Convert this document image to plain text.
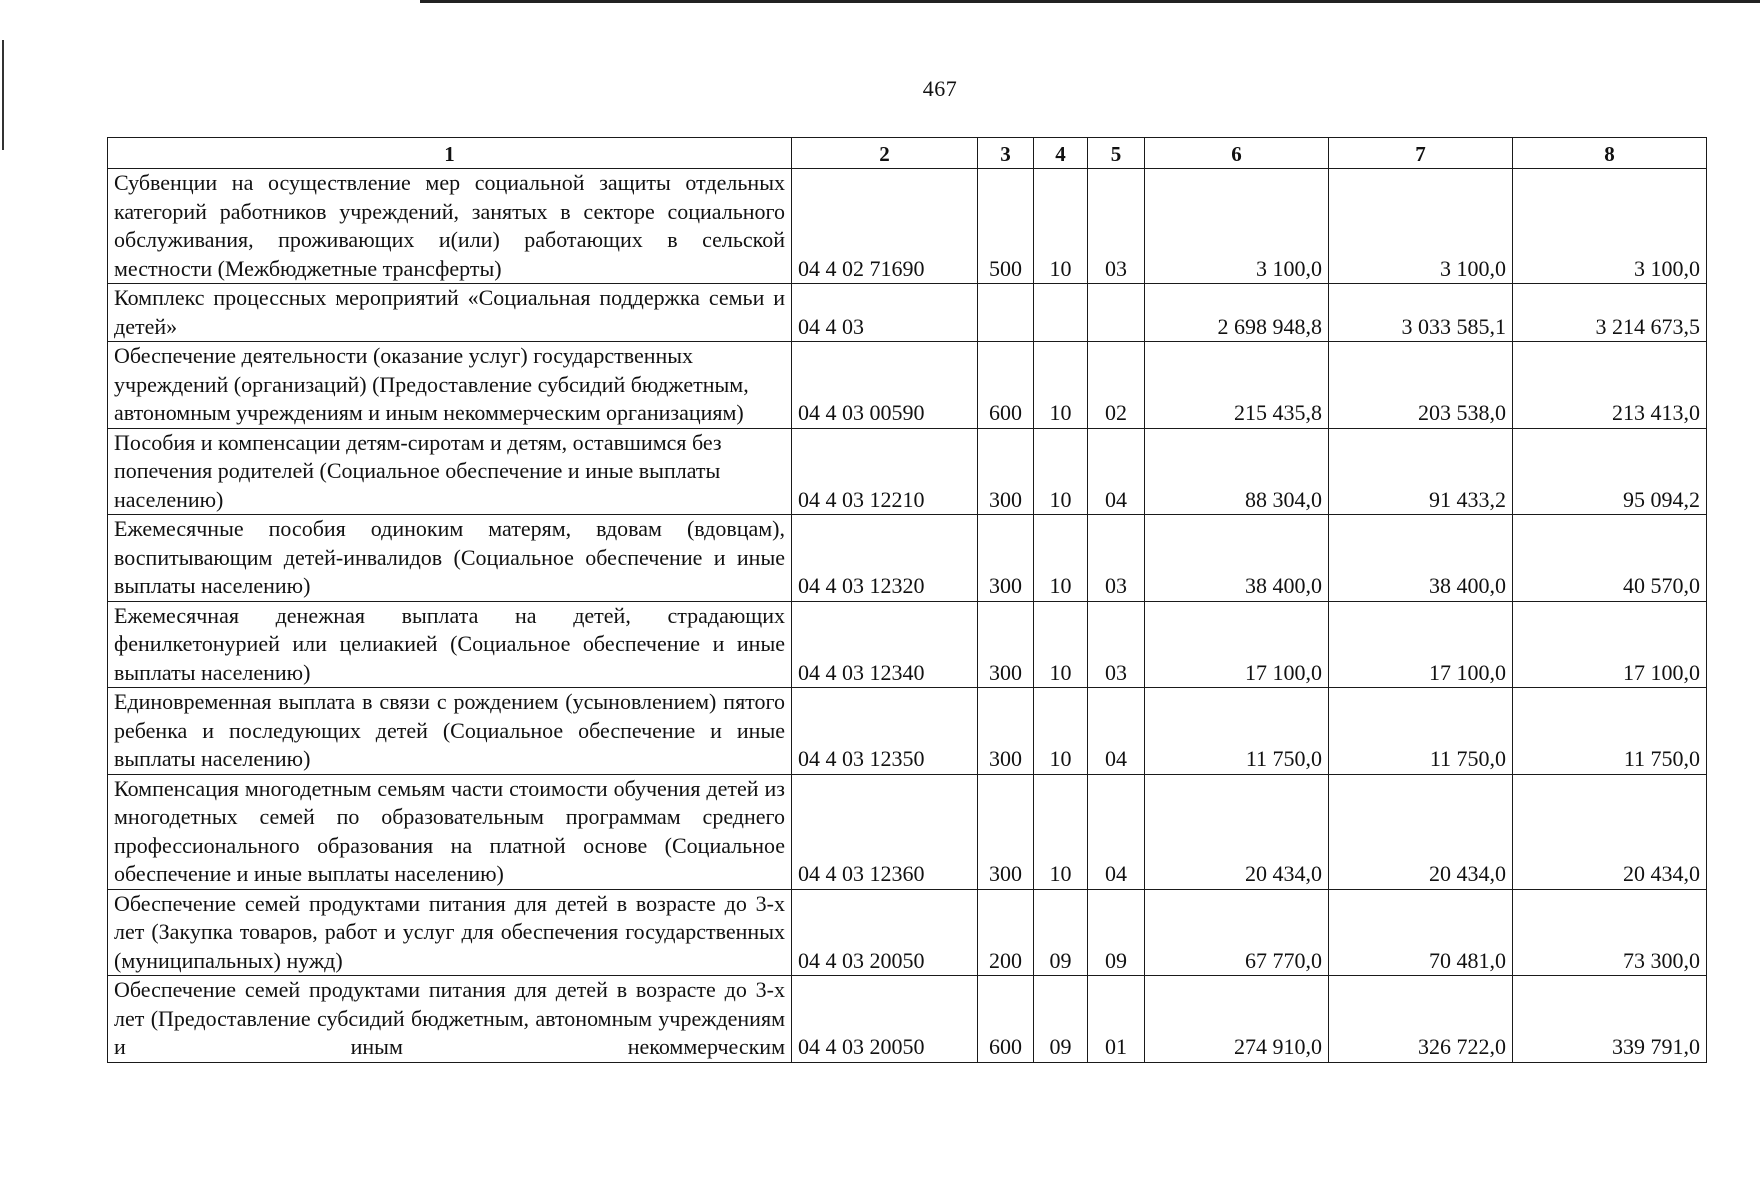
467
1	2	3	4	5	6	7	8
Субвенции на осуществление мер социальной защиты отдельных категорий работников учреждений, занятых в секторе социального обслуживания, проживающих и(или) работающих в сельской местности (Межбюджетные трансферты)	04 4 02 71690	500	10	03	3 100,0	3 100,0	3 100,0
Комплекс процессных мероприятий «Социальная поддержка семьи и детей»	04 4 03				2 698 948,8	3 033 585,1	3 214 673,5
Обеспечение деятельности (оказание услуг) государственных учреждений (организаций) (Предоставление субсидий бюджетным, автономным учреждениям и иным некоммерческим организациям)	04 4 03 00590	600	10	02	215 435,8	203 538,0	213 413,0
Пособия и компенсации детям-сиротам и детям, оставшимся без попечения родителей (Социальное обеспечение и иные выплаты населению)	04 4 03 12210	300	10	04	88 304,0	91 433,2	95 094,2
Ежемесячные пособия одиноким матерям, вдовам (вдовцам), воспитывающим детей-инвалидов (Социальное обеспечение и иные выплаты населению)	04 4 03 12320	300	10	03	38 400,0	38 400,0	40 570,0
Ежемесячная денежная выплата на детей, страдающих фенилкетонурией или целиакией (Социальное обеспечение и иные выплаты населению)	04 4 03 12340	300	10	03	17 100,0	17 100,0	17 100,0
Единовременная выплата в связи с рождением (усыновлением) пятого ребенка и последующих детей (Социальное обеспечение и иные выплаты населению)	04 4 03 12350	300	10	04	11 750,0	11 750,0	11 750,0
Компенсация многодетным семьям части стоимости обучения детей из многодетных семей по образовательным программам среднего профессионального образования на платной основе (Социальное обеспечение и иные выплаты населению)	04 4 03 12360	300	10	04	20 434,0	20 434,0	20 434,0
Обеспечение семей продуктами питания для детей в возрасте до 3-х лет (Закупка товаров, работ и услуг для обеспечения государственных (муниципальных) нужд)	04 4 03 20050	200	09	09	67 770,0	70 481,0	73 300,0
Обеспечение семей продуктами питания для детей в возрасте до 3-х лет (Предоставление субсидий бюджетным, автономным учреждениям и иным некоммерческим	04 4 03 20050	600	09	01	274 910,0	326 722,0	339 791,0
